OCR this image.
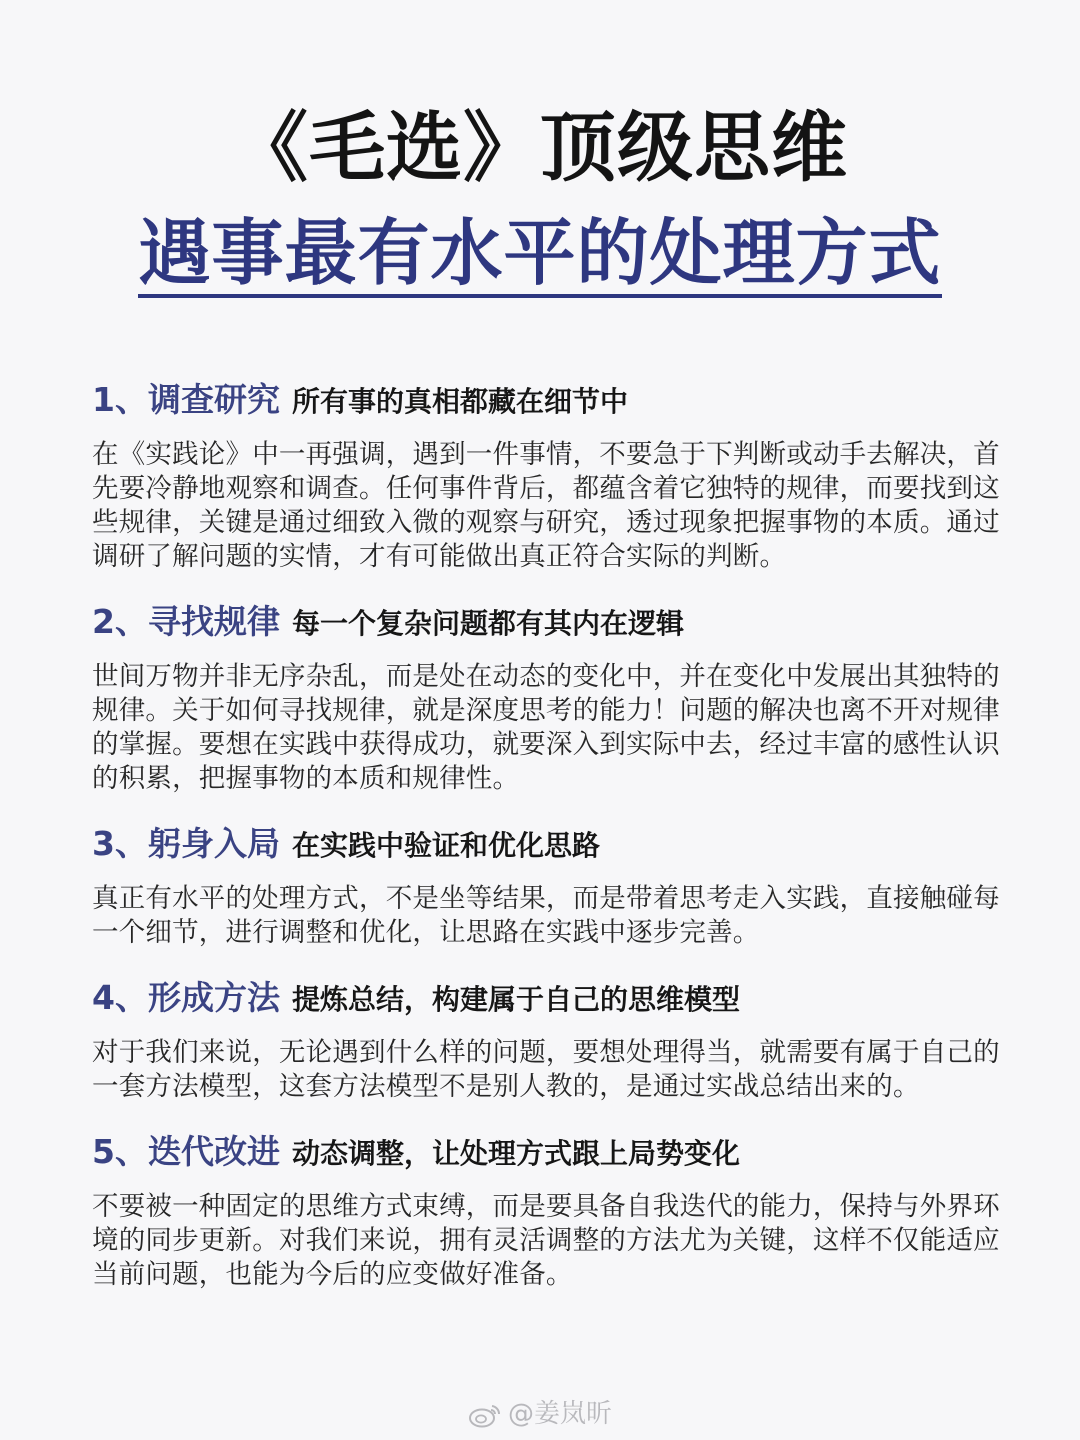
《毛选》顶级思维
遇事最有水平的处理方式
1、调查研究 所有事的真相都藏在细节中
在《实践论》中一再强调，遇到一件事情，不要急于下判断或动手去解决，首先要冷静地观察和调查。任何事件背后，都蕴含着它独特的规律，而要找到这些规律，关键是通过细致入微的观察与研究，透过现象把握事物的本质。通过调研了解问题的实情，才有可能做出真正符合实际的判断。
2、寻找规律 每一个复杂问题都有其内在逻辑
世间万物并非无序杂乱，而是处在动态的变化中，并在变化中发展出其独特的规律。关于如何寻找规律，就是深度思考的能力！问题的解决也离不开对规律的掌握。要想在实践中获得成功，就要深入到实际中去，经过丰富的感性认识的积累，把握事物的本质和规律性。
3、躬身入局 在实践中验证和优化思路
真正有水平的处理方式，不是坐等结果，而是带着思考走入实践，直接触碰每一个细节，进行调整和优化，让思路在实践中逐步完善。
4、形成方法 提炼总结，构建属于自己的思维模型
对于我们来说，无论遇到什么样的问题，要想处理得当，就需要有属于自己的一套方法模型，这套方法模型不是别人教的，是通过实战总结出来的。
5、迭代改进 动态调整，让处理方式跟上局势变化
不要被一种固定的思维方式束缚，而是要具备自我迭代的能力，保持与外界环境的同步更新。对我们来说，拥有灵活调整的方法尤为关键，这样不仅能适应当前问题，也能为今后的应变做好准备。
@姜岚昕
